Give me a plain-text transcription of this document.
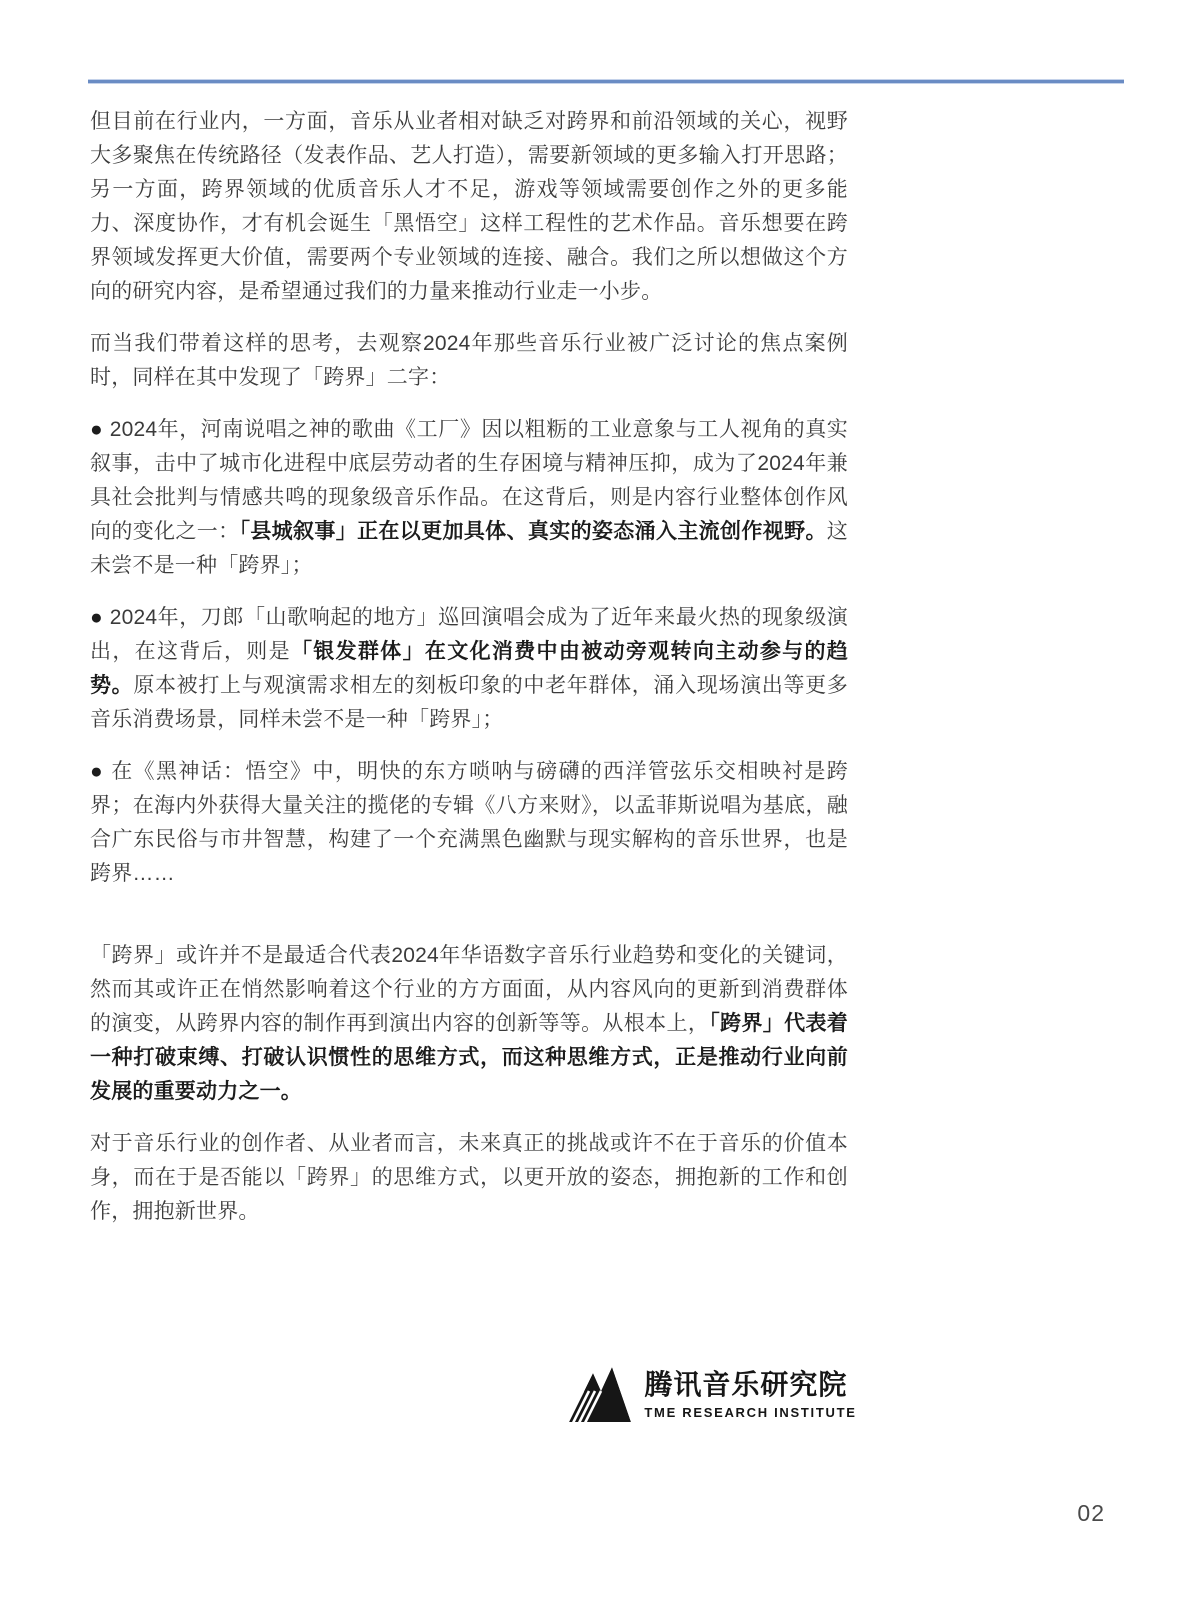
但目前在行业内，一方面，音乐从业者相对缺乏对跨界和前沿领域的关心，视野大多聚焦在传统路径（发表作品、艺人打造），需要新领域的更多输入打开思路；另一方面，跨界领域的优质音乐人才不足，游戏等领域需要创作之外的更多能力、深度协作，才有机会诞生「黑悟空」这样工程性的艺术作品。音乐想要在跨界领域发挥更大价值，需要两个专业领域的连接、融合。我们之所以想做这个方向的研究内容，是希望通过我们的力量来推动行业走一小步。

而当我们带着这样的思考，去观察2024年那些音乐行业被广泛讨论的焦点案例时，同样在其中发现了「跨界」二字：

● 2024年，河南说唱之神的歌曲《工厂》因以粗粝的工业意象与工人视角的真实叙事，击中了城市化进程中底层劳动者的生存困境与精神压抑，成为了2024年兼具社会批判与情感共鸣的现象级音乐作品。在这背后，则是内容行业整体创作风向的变化之一：「县城叙事」正在以更加具体、真实的姿态涌入主流创作视野。这未尝不是一种「跨界」；

● 2024年，刀郎「山歌响起的地方」巡回演唱会成为了近年来最火热的现象级演出，在这背后，则是「银发群体」在文化消费中由被动旁观转向主动参与的趋势。原本被打上与观演需求相左的刻板印象的中老年群体，涌入现场演出等更多音乐消费场景，同样未尝不是一种「跨界」；

● 在《黑神话：悟空》中，明快的东方唢呐与磅礴的西洋管弦乐交相映衬是跨界；在海内外获得大量关注的揽佬的专辑《八方来财》，以孟菲斯说唱为基底，融合广东民俗与市井智慧，构建了一个充满黑色幽默与现实解构的音乐世界，也是跨界……

「跨界」或许并不是最适合代表2024年华语数字音乐行业趋势和变化的关键词，然而其或许正在悄然影响着这个行业的方方面面，从内容风向的更新到消费群体的演变，从跨界内容的制作再到演出内容的创新等等。从根本上，「跨界」代表着一种打破束缚、打破认识惯性的思维方式，而这种思维方式，正是推动行业向前发展的重要动力之一。

对于音乐行业的创作者、从业者而言，未来真正的挑战或许不在于音乐的价值本身，而在于是否能以「跨界」的思维方式，以更开放的姿态，拥抱新的工作和创作，拥抱新世界。

腾讯音乐研究院
TME RESEARCH INSTITUTE
02
